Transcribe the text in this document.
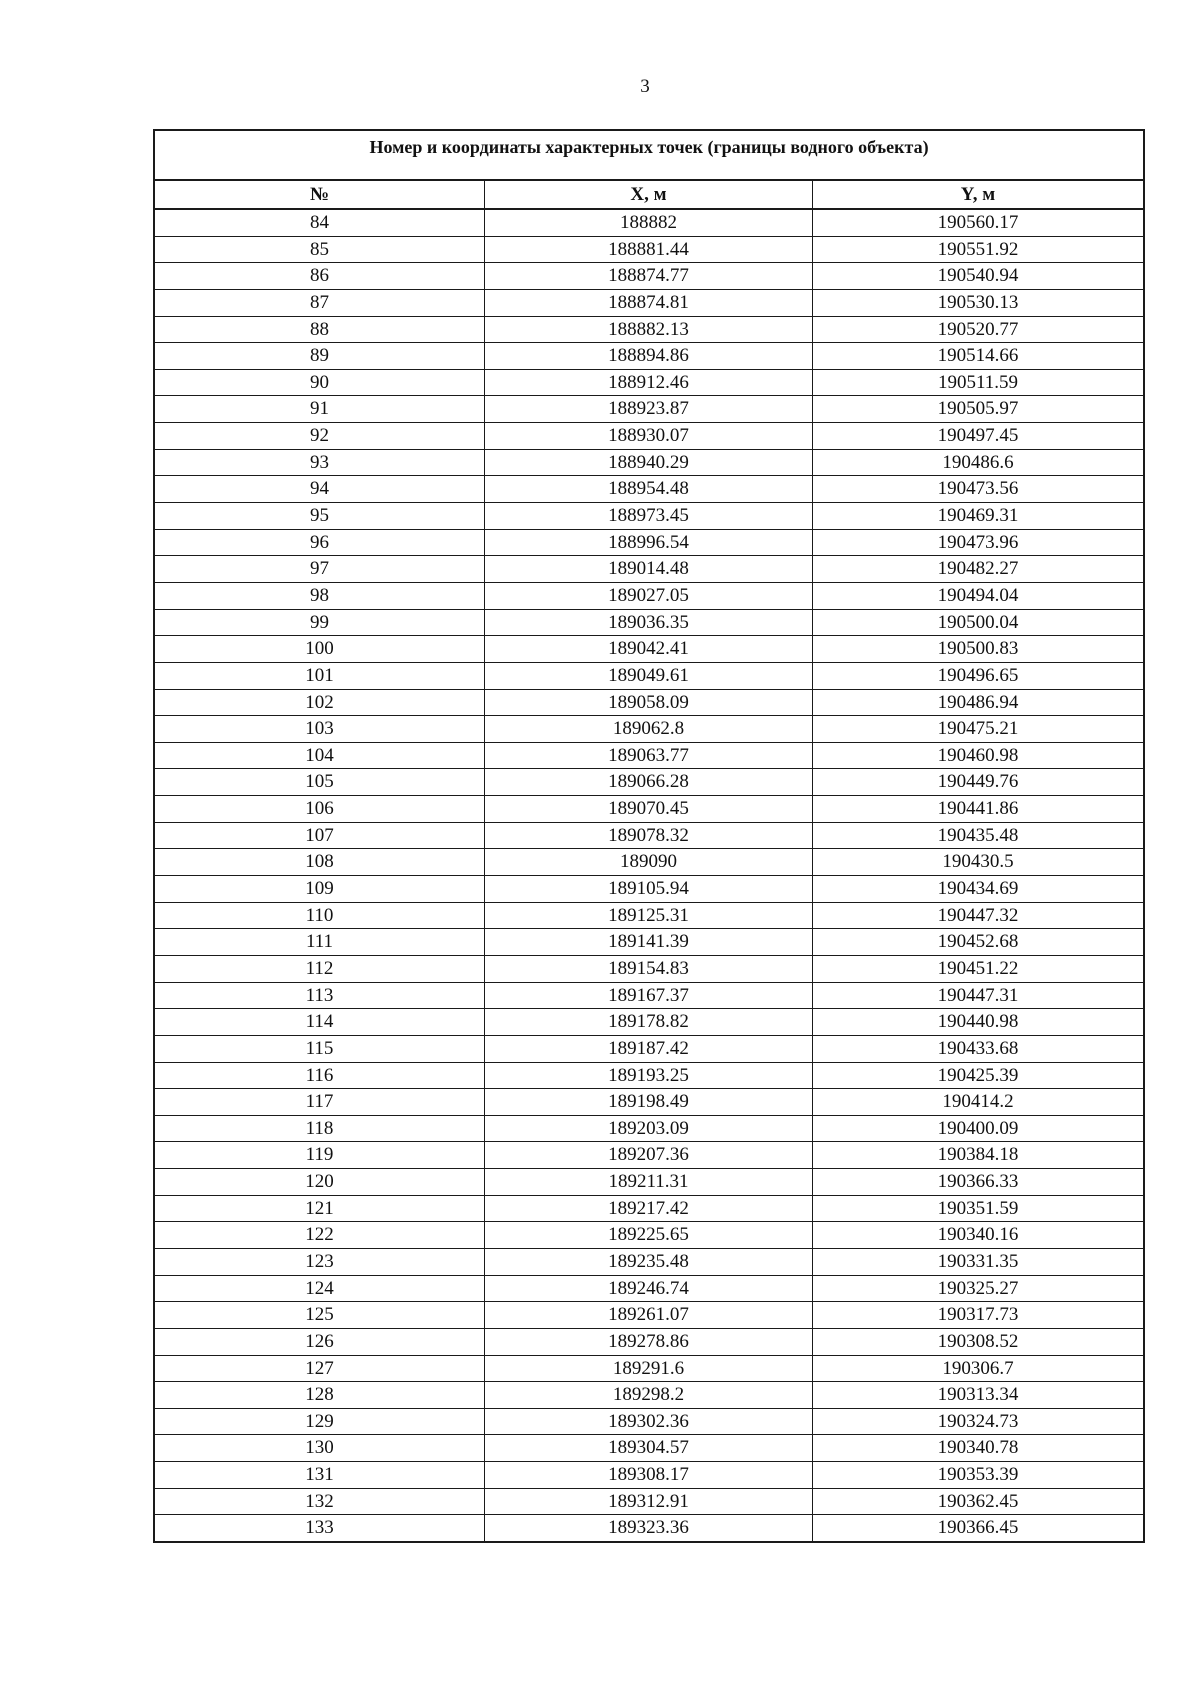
3
Номер и координаты характерных точек (границы водного объекта)
№	X, м	Y, м
84	188882	190560.17
85	188881.44	190551.92
86	188874.77	190540.94
87	188874.81	190530.13
88	188882.13	190520.77
89	188894.86	190514.66
90	188912.46	190511.59
91	188923.87	190505.97
92	188930.07	190497.45
93	188940.29	190486.6
94	188954.48	190473.56
95	188973.45	190469.31
96	188996.54	190473.96
97	189014.48	190482.27
98	189027.05	190494.04
99	189036.35	190500.04
100	189042.41	190500.83
101	189049.61	190496.65
102	189058.09	190486.94
103	189062.8	190475.21
104	189063.77	190460.98
105	189066.28	190449.76
106	189070.45	190441.86
107	189078.32	190435.48
108	189090	190430.5
109	189105.94	190434.69
110	189125.31	190447.32
111	189141.39	190452.68
112	189154.83	190451.22
113	189167.37	190447.31
114	189178.82	190440.98
115	189187.42	190433.68
116	189193.25	190425.39
117	189198.49	190414.2
118	189203.09	190400.09
119	189207.36	190384.18
120	189211.31	190366.33
121	189217.42	190351.59
122	189225.65	190340.16
123	189235.48	190331.35
124	189246.74	190325.27
125	189261.07	190317.73
126	189278.86	190308.52
127	189291.6	190306.7
128	189298.2	190313.34
129	189302.36	190324.73
130	189304.57	190340.78
131	189308.17	190353.39
132	189312.91	190362.45
133	189323.36	190366.45
